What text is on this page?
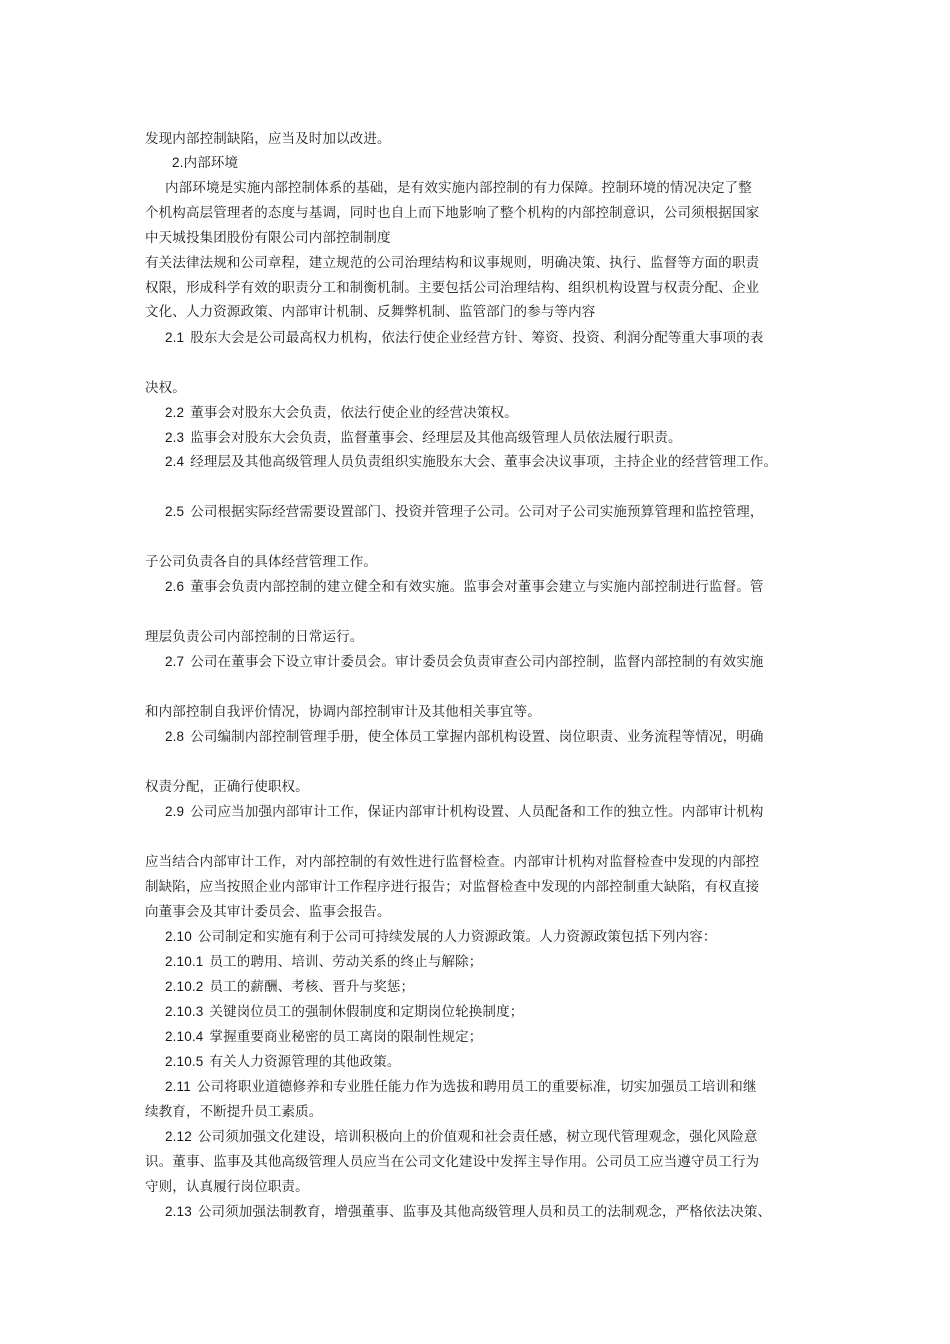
发现内部控制缺陷，应当及时加以改进。
2.内部环境
内部环境是实施内部控制体系的基础，是有效实施内部控制的有力保障。控制环境的情况决定了整
个机构高层管理者的态度与基调，同时也自上而下地影响了整个机构的内部控制意识，公司须根据国家
中天城投集团股份有限公司内部控制制度
有关法律法规和公司章程，建立规范的公司治理结构和议事规则，明确决策、执行、监督等方面的职责
权限，形成科学有效的职责分工和制衡机制。主要包括公司治理结构、组织机构设置与权责分配、企业
文化、人力资源政策、内部审计机制、反舞弊机制、监管部门的参与等内容
2.1 股东大会是公司最高权力机构，依法行使企业经营方针、筹资、投资、利润分配等重大事项的表
决权。
2.2 董事会对股东大会负责，依法行使企业的经营决策权。
2.3 监事会对股东大会负责，监督董事会、经理层及其他高级管理人员依法履行职责。
2.4 经理层及其他高级管理人员负责组织实施股东大会、董事会决议事项，主持企业的经营管理工作。
2.5 公司根据实际经营需要设置部门、投资并管理子公司。公司对子公司实施预算管理和监控管理，
子公司负责各自的具体经营管理工作。
2.6 董事会负责内部控制的建立健全和有效实施。监事会对董事会建立与实施内部控制进行监督。管
理层负责公司内部控制的日常运行。
2.7 公司在董事会下设立审计委员会。审计委员会负责审查公司内部控制，监督内部控制的有效实施
和内部控制自我评价情况，协调内部控制审计及其他相关事宜等。
2.8 公司编制内部控制管理手册，使全体员工掌握内部机构设置、岗位职责、业务流程等情况，明确
权责分配，正确行使职权。
2.9 公司应当加强内部审计工作，保证内部审计机构设置、人员配备和工作的独立性。内部审计机构
应当结合内部审计工作，对内部控制的有效性进行监督检查。内部审计机构对监督检查中发现的内部控
制缺陷，应当按照企业内部审计工作程序进行报告；对监督检查中发现的内部控制重大缺陷，有权直接
向董事会及其审计委员会、监事会报告。
2.10 公司制定和实施有利于公司可持续发展的人力资源政策。人力资源政策包括下列内容：
2.10.1 员工的聘用、培训、劳动关系的终止与解除；
2.10.2 员工的薪酬、考核、晋升与奖惩；
2.10.3 关键岗位员工的强制休假制度和定期岗位轮换制度；
2.10.4 掌握重要商业秘密的员工离岗的限制性规定；
2.10.5 有关人力资源管理的其他政策。
2.11 公司将职业道德修养和专业胜任能力作为选拔和聘用员工的重要标准，切实加强员工培训和继
续教育，不断提升员工素质。
2.12 公司须加强文化建设，培训积极向上的价值观和社会责任感，树立现代管理观念，强化风险意
识。董事、监事及其他高级管理人员应当在公司文化建设中发挥主导作用。公司员工应当遵守员工行为
守则，认真履行岗位职责。
2.13 公司须加强法制教育，增强董事、监事及其他高级管理人员和员工的法制观念，严格依法决策、
